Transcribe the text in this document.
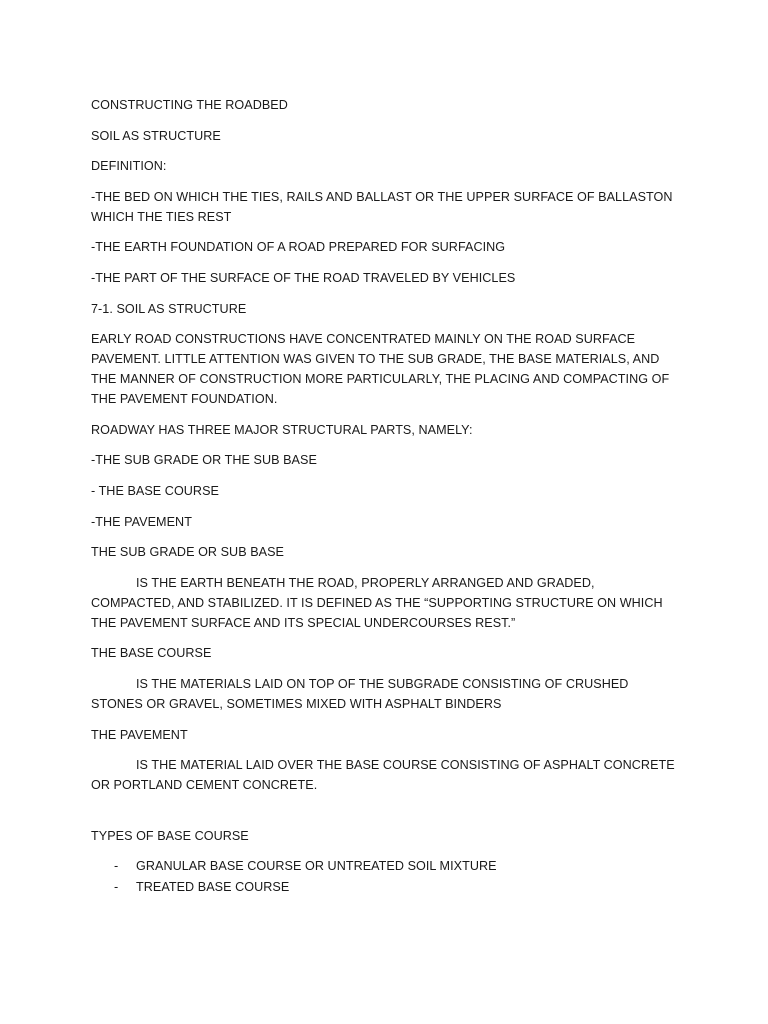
CONSTRUCTING THE ROADBED

SOIL AS STRUCTURE

DEFINITION:

-THE BED ON WHICH THE TIES, RAILS AND BALLAST OR THE UPPER SURFACE OF BALLASTON WHICH THE TIES REST

-THE EARTH FOUNDATION OF A ROAD PREPARED FOR SURFACING

-THE PART OF THE SURFACE OF THE ROAD TRAVELED BY VEHICLES

7-1. SOIL AS STRUCTURE

EARLY ROAD CONSTRUCTIONS HAVE CONCENTRATED MAINLY ON THE ROAD SURFACE PAVEMENT. LITTLE ATTENTION WAS GIVEN TO THE SUB GRADE, THE BASE MATERIALS, AND THE MANNER OF CONSTRUCTION MORE PARTICULARLY, THE PLACING AND COMPACTING OF THE PAVEMENT FOUNDATION.

ROADWAY HAS THREE MAJOR STRUCTURAL PARTS, NAMELY:

-THE SUB GRADE OR THE SUB BASE

- THE BASE COURSE

-THE PAVEMENT

THE SUB GRADE OR SUB BASE

IS THE EARTH BENEATH THE ROAD, PROPERLY ARRANGED AND GRADED, COMPACTED, AND STABILIZED. IT IS DEFINED AS THE “SUPPORTING STRUCTURE ON WHICH THE PAVEMENT SURFACE AND ITS SPECIAL UNDERCOURSES REST.”

THE BASE COURSE

IS THE MATERIALS LAID ON TOP OF THE SUBGRADE CONSISTING OF CRUSHED STONES OR GRAVEL, SOMETIMES MIXED WITH ASPHALT BINDERS

THE PAVEMENT

IS THE MATERIAL LAID OVER THE BASE COURSE CONSISTING OF ASPHALT CONCRETE OR PORTLAND CEMENT CONCRETE.

TYPES OF BASE COURSE

- GRANULAR BASE COURSE OR UNTREATED SOIL MIXTURE
- TREATED BASE COURSE
